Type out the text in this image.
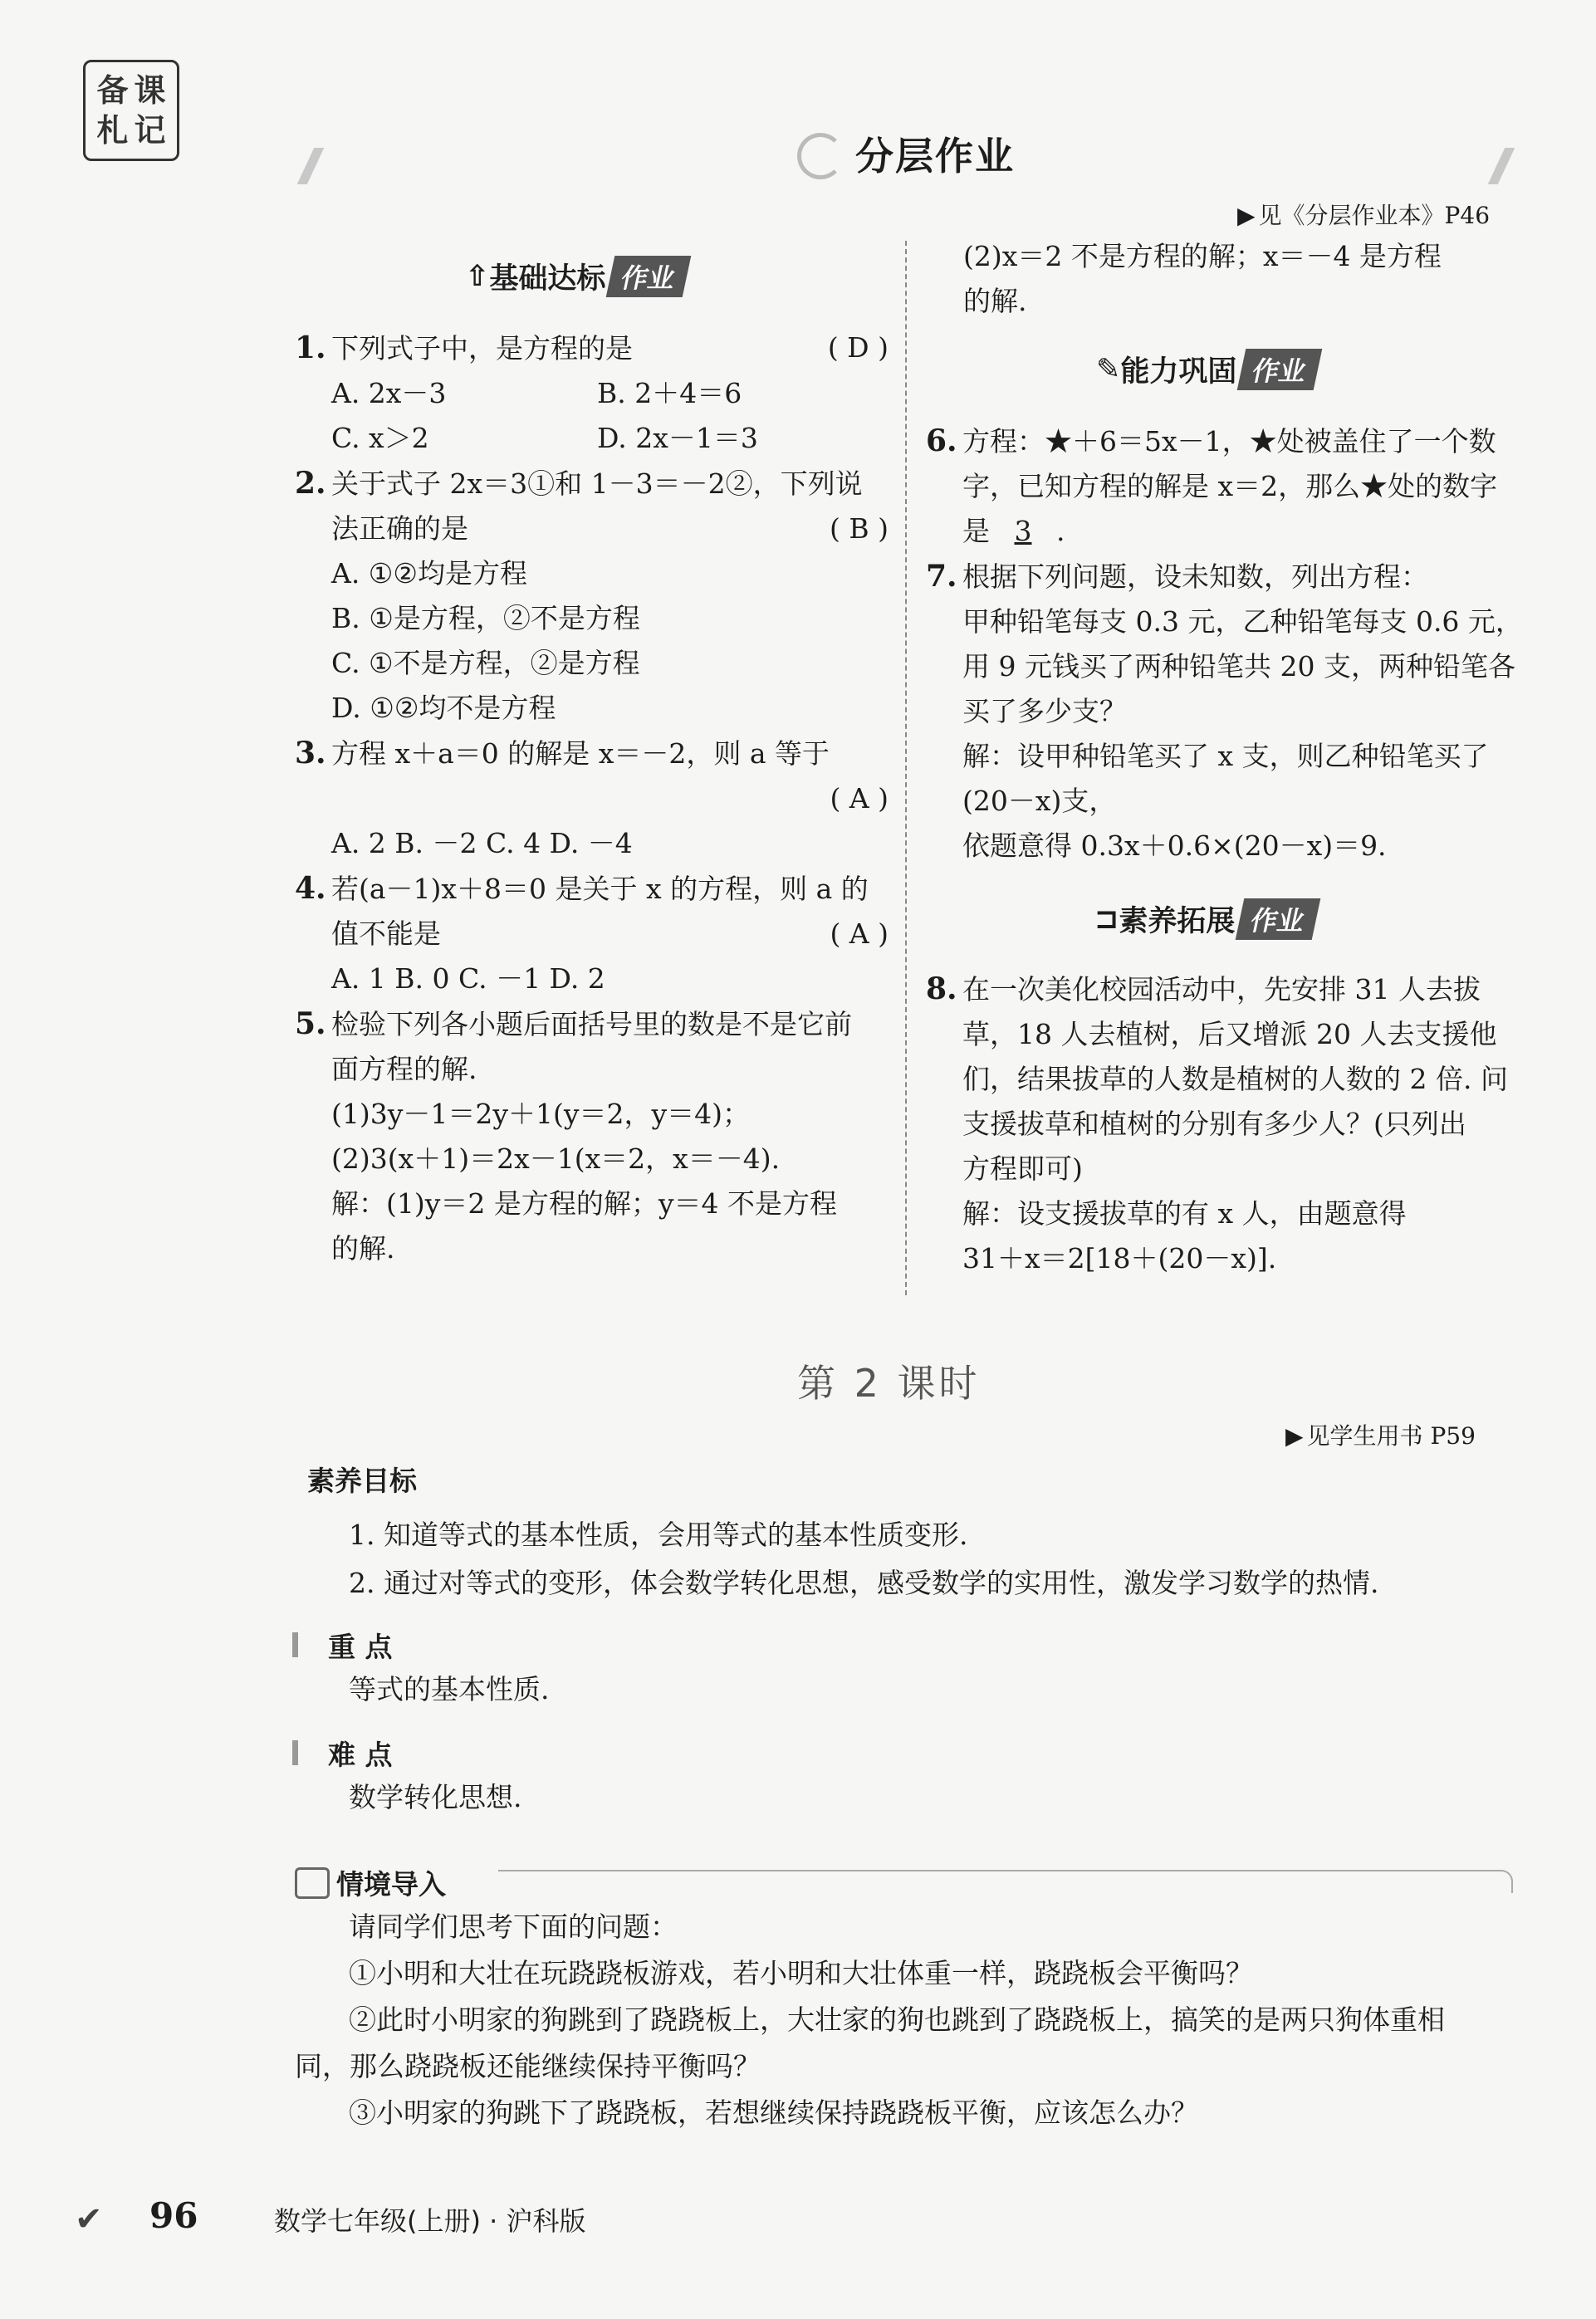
备 课
札 记
分层作业
▶ 见《分层作业本》P46
⇧ 基础达标 作业
1. 下列式子中，是方程的是	( D )
A. 2x－3	B. 2＋4＝6
C. x＞2	D. 2x－1＝3
2. 关于式子 2x＝3①和 1－3＝－2②，下列说
法正确的是	( B )
A. ①②均是方程
B. ①是方程，②不是方程
C. ①不是方程，②是方程
D. ①②均不是方程
3. 方程 x＋a＝0 的解是 x＝－2，则 a 等于
( A )
A. 2 B. －2 C. 4 D. －4
4. 若(a－1)x＋8＝0 是关于 x 的方程，则 a 的
值不能是	( A )
A. 1 B. 0 C. －1 D. 2
5. 检验下列各小题后面括号里的数是不是它前
面方程的解.
(1)3y－1＝2y＋1(y＝2，y＝4)；
(2)3(x＋1)＝2x－1(x＝2，x＝－4).
解：(1)y＝2 是方程的解；y＝4 不是方程
的解.
(2)x＝2 不是方程的解；x＝－4 是方程
的解.
✎ 能力巩固 作业
6. 方程：★＋6＝5x－1，★处被盖住了一个数
字，已知方程的解是 x＝2，那么★处的数字
是 3 .
7. 根据下列问题，设未知数，列出方程：
甲种铅笔每支 0.3 元，乙种铅笔每支 0.6 元，
用 9 元钱买了两种铅笔共 20 支，两种铅笔各
买了多少支？
解：设甲种铅笔买了 x 支，则乙种铅笔买了
(20－x)支，
依题意得 0.3x＋0.6×(20－x)＝9.
⊐ 素养拓展 作业
8. 在一次美化校园活动中，先安排 31 人去拔
草，18 人去植树，后又增派 20 人去支援他
们，结果拔草的人数是植树的人数的 2 倍. 问
支援拔草和植树的分别有多少人？(只列出
方程即可)
解：设支援拔草的有 x 人，由题意得
31＋x＝2[18＋(20－x)].
第 2 课时
▶ 见学生用书 P59
素养目标
1. 知道等式的基本性质，会用等式的基本性质变形.
2. 通过对等式的变形，体会数学转化思想，感受数学的实用性，激发学习数学的热情.
重 点
等式的基本性质.
难 点
数学转化思想.
情境导入
请同学们思考下面的问题：
①小明和大壮在玩跷跷板游戏，若小明和大壮体重一样，跷跷板会平衡吗？
②此时小明家的狗跳到了跷跷板上，大壮家的狗也跳到了跷跷板上，搞笑的是两只狗体重相
同，那么跷跷板还能继续保持平衡吗？
③小明家的狗跳下了跷跷板，若想继续保持跷跷板平衡，应该怎么办？
✔ 96	数学七年级(上册) · 沪科版
